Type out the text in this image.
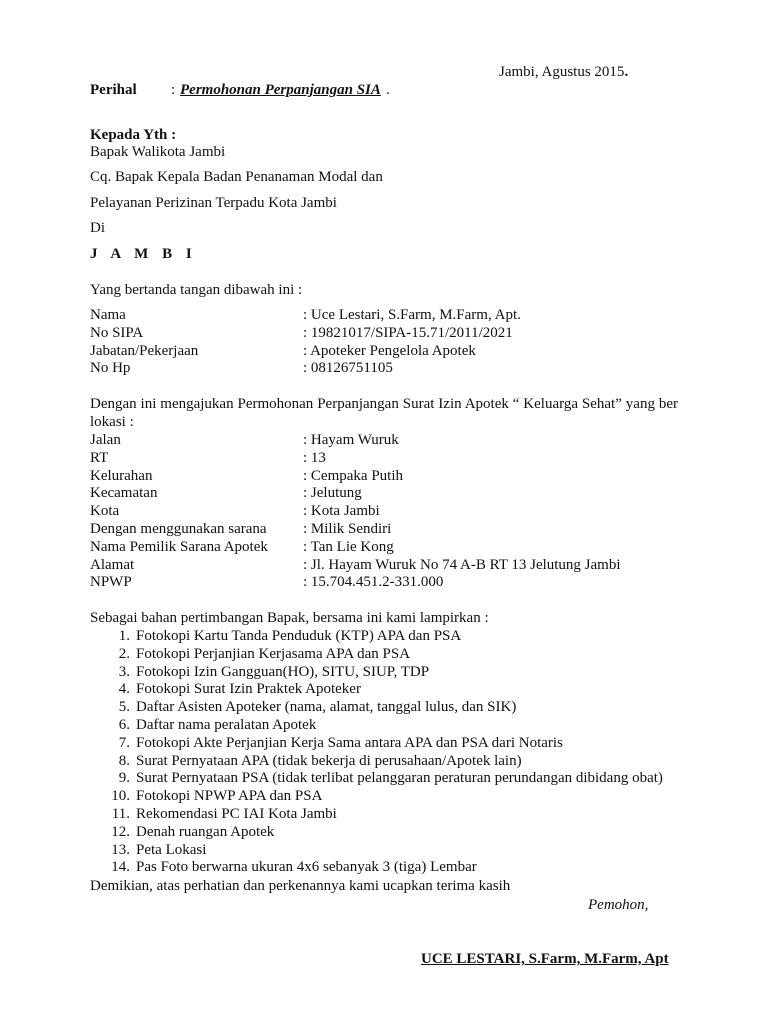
Jambi, Agustus 2015.
Perihal : Permohonan Perpanjangan SIA .
Kepada Yth :
Bapak Walikota Jambi
Cq. Bapak Kepala Badan Penanaman Modal dan
Pelayanan Perizinan Terpadu Kota Jambi
Di
J A M B I
Yang bertanda tangan dibawah ini :
Nama	: Uce Lestari, S.Farm, M.Farm, Apt.
No SIPA	: 19821017/SIPA-15.71/2011/2021
Jabatan/Pekerjaan	: Apoteker Pengelola Apotek
No Hp	: 08126751105
Dengan ini mengajukan Permohonan Perpanjangan Surat Izin Apotek “ Keluarga Sehat” yang ber lokasi :
Jalan	: Hayam Wuruk
RT	: 13
Kelurahan	: Cempaka Putih
Kecamatan	: Jelutung
Kota	: Kota Jambi
Dengan menggunakan sarana : Milik Sendiri
Nama Pemilik Sarana Apotek : Tan Lie Kong
Alamat	: Jl. Hayam Wuruk No 74 A-B RT 13 Jelutung Jambi
NPWP	: 15.704.451.2-331.000
Sebagai bahan pertimbangan Bapak, bersama ini kami lampirkan :
1. Fotokopi Kartu Tanda Penduduk (KTP) APA dan PSA
2. Fotokopi Perjanjian Kerjasama APA dan PSA
3. Fotokopi Izin Gangguan(HO), SITU, SIUP, TDP
4. Fotokopi Surat Izin Praktek Apoteker
5. Daftar Asisten Apoteker (nama, alamat, tanggal lulus, dan SIK)
6. Daftar nama peralatan Apotek
7. Fotokopi Akte Perjanjian Kerja Sama antara APA dan PSA dari Notaris
8. Surat Pernyataan APA (tidak bekerja di perusahaan/Apotek lain)
9. Surat Pernyataan PSA (tidak terlibat pelanggaran peraturan perundangan dibidang obat)
10. Fotokopi NPWP APA dan PSA
11. Rekomendasi PC IAI Kota Jambi
12. Denah ruangan Apotek
13. Peta Lokasi
14. Pas Foto berwarna ukuran 4x6 sebanyak 3 (tiga) Lembar
Demikian, atas perhatian dan perkenannya kami ucapkan terima kasih
Pemohon,
UCE LESTARI, S.Farm, M.Farm, Apt
